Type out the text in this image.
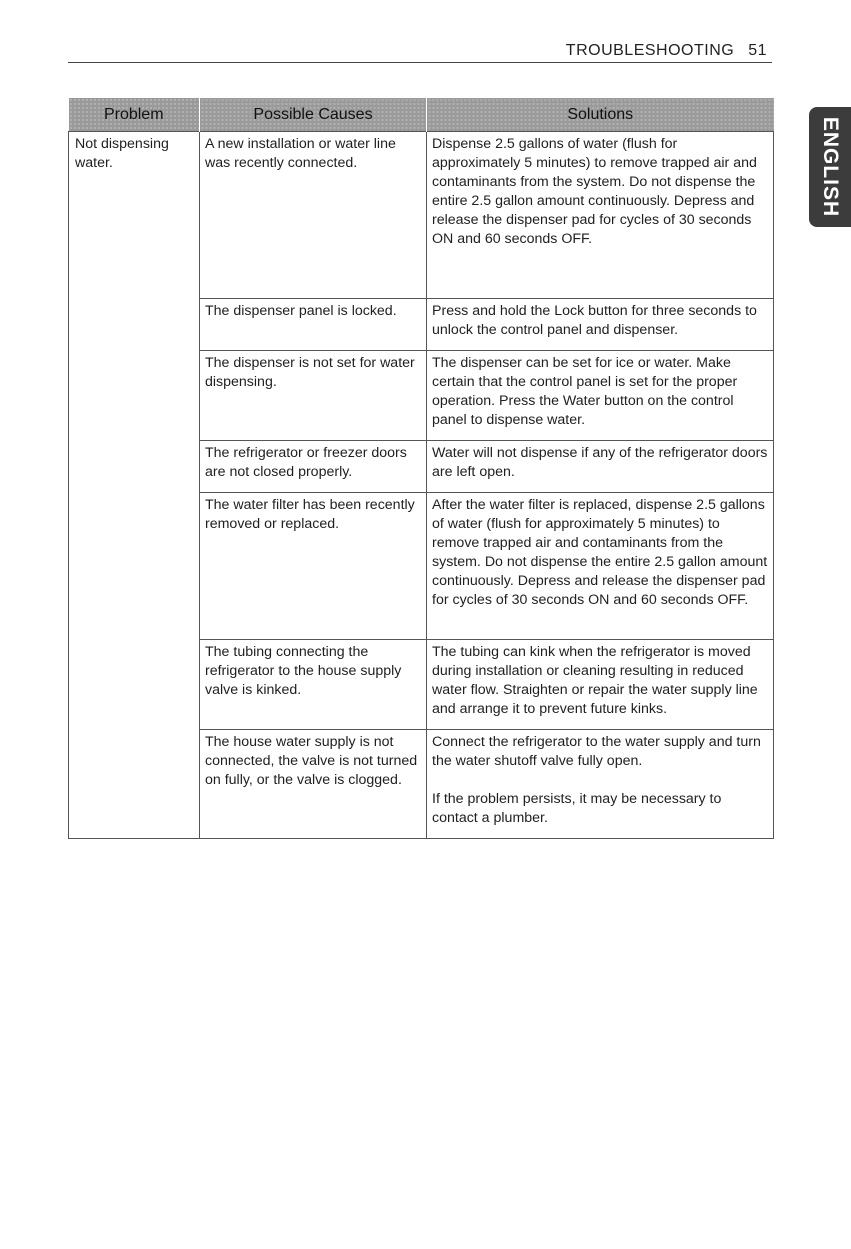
TROUBLESHOOTING 51
ENGLISH
Problem	Possible Causes	Solutions
Not dispensing water.	A new installation or water line was recently connected.	Dispense 2.5 gallons of water (flush for approximately 5 minutes) to remove trapped air and contaminants from the system. Do not dispense the entire 2.5 gallon amount continuously. Depress and release the dispenser pad for cycles of 30 seconds ON and 60 seconds OFF.
	The dispenser panel is locked.	Press and hold the Lock button for three seconds to unlock the control panel and dispenser.
	The dispenser is not set for water dispensing.	The dispenser can be set for ice or water. Make certain that the control panel is set for the proper operation. Press the Water button on the control panel to dispense water.
	The refrigerator or freezer doors are not closed properly.	Water will not dispense if any of the refrigerator doors are left open.
	The water filter has been recently removed or replaced.	After the water filter is replaced, dispense 2.5 gallons of water (flush for approximately 5 minutes) to remove trapped air and contaminants from the system. Do not dispense the entire 2.5 gallon amount continuously. Depress and release the dispenser pad for cycles of 30 seconds ON and 60 seconds OFF.
	The tubing connecting the refrigerator to the house supply valve is kinked.	The tubing can kink when the refrigerator is moved during installation or cleaning resulting in reduced water flow. Straighten or repair the water supply line and arrange it to prevent future kinks.
	The house water supply is not connected, the valve is not turned on fully, or the valve is clogged.	Connect the refrigerator to the water supply and turn the water shutoff valve fully open.
If the problem persists, it may be necessary to contact a plumber.
